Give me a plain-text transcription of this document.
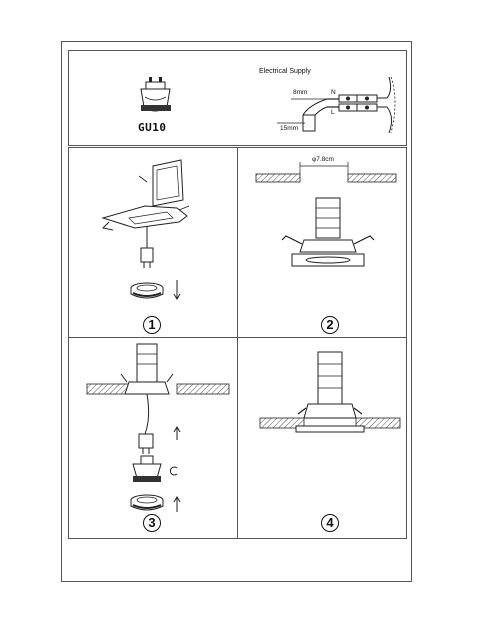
GU10
Electrical Supply
8mm
15mm
N
L
1
φ7.8cm
2
3	4
